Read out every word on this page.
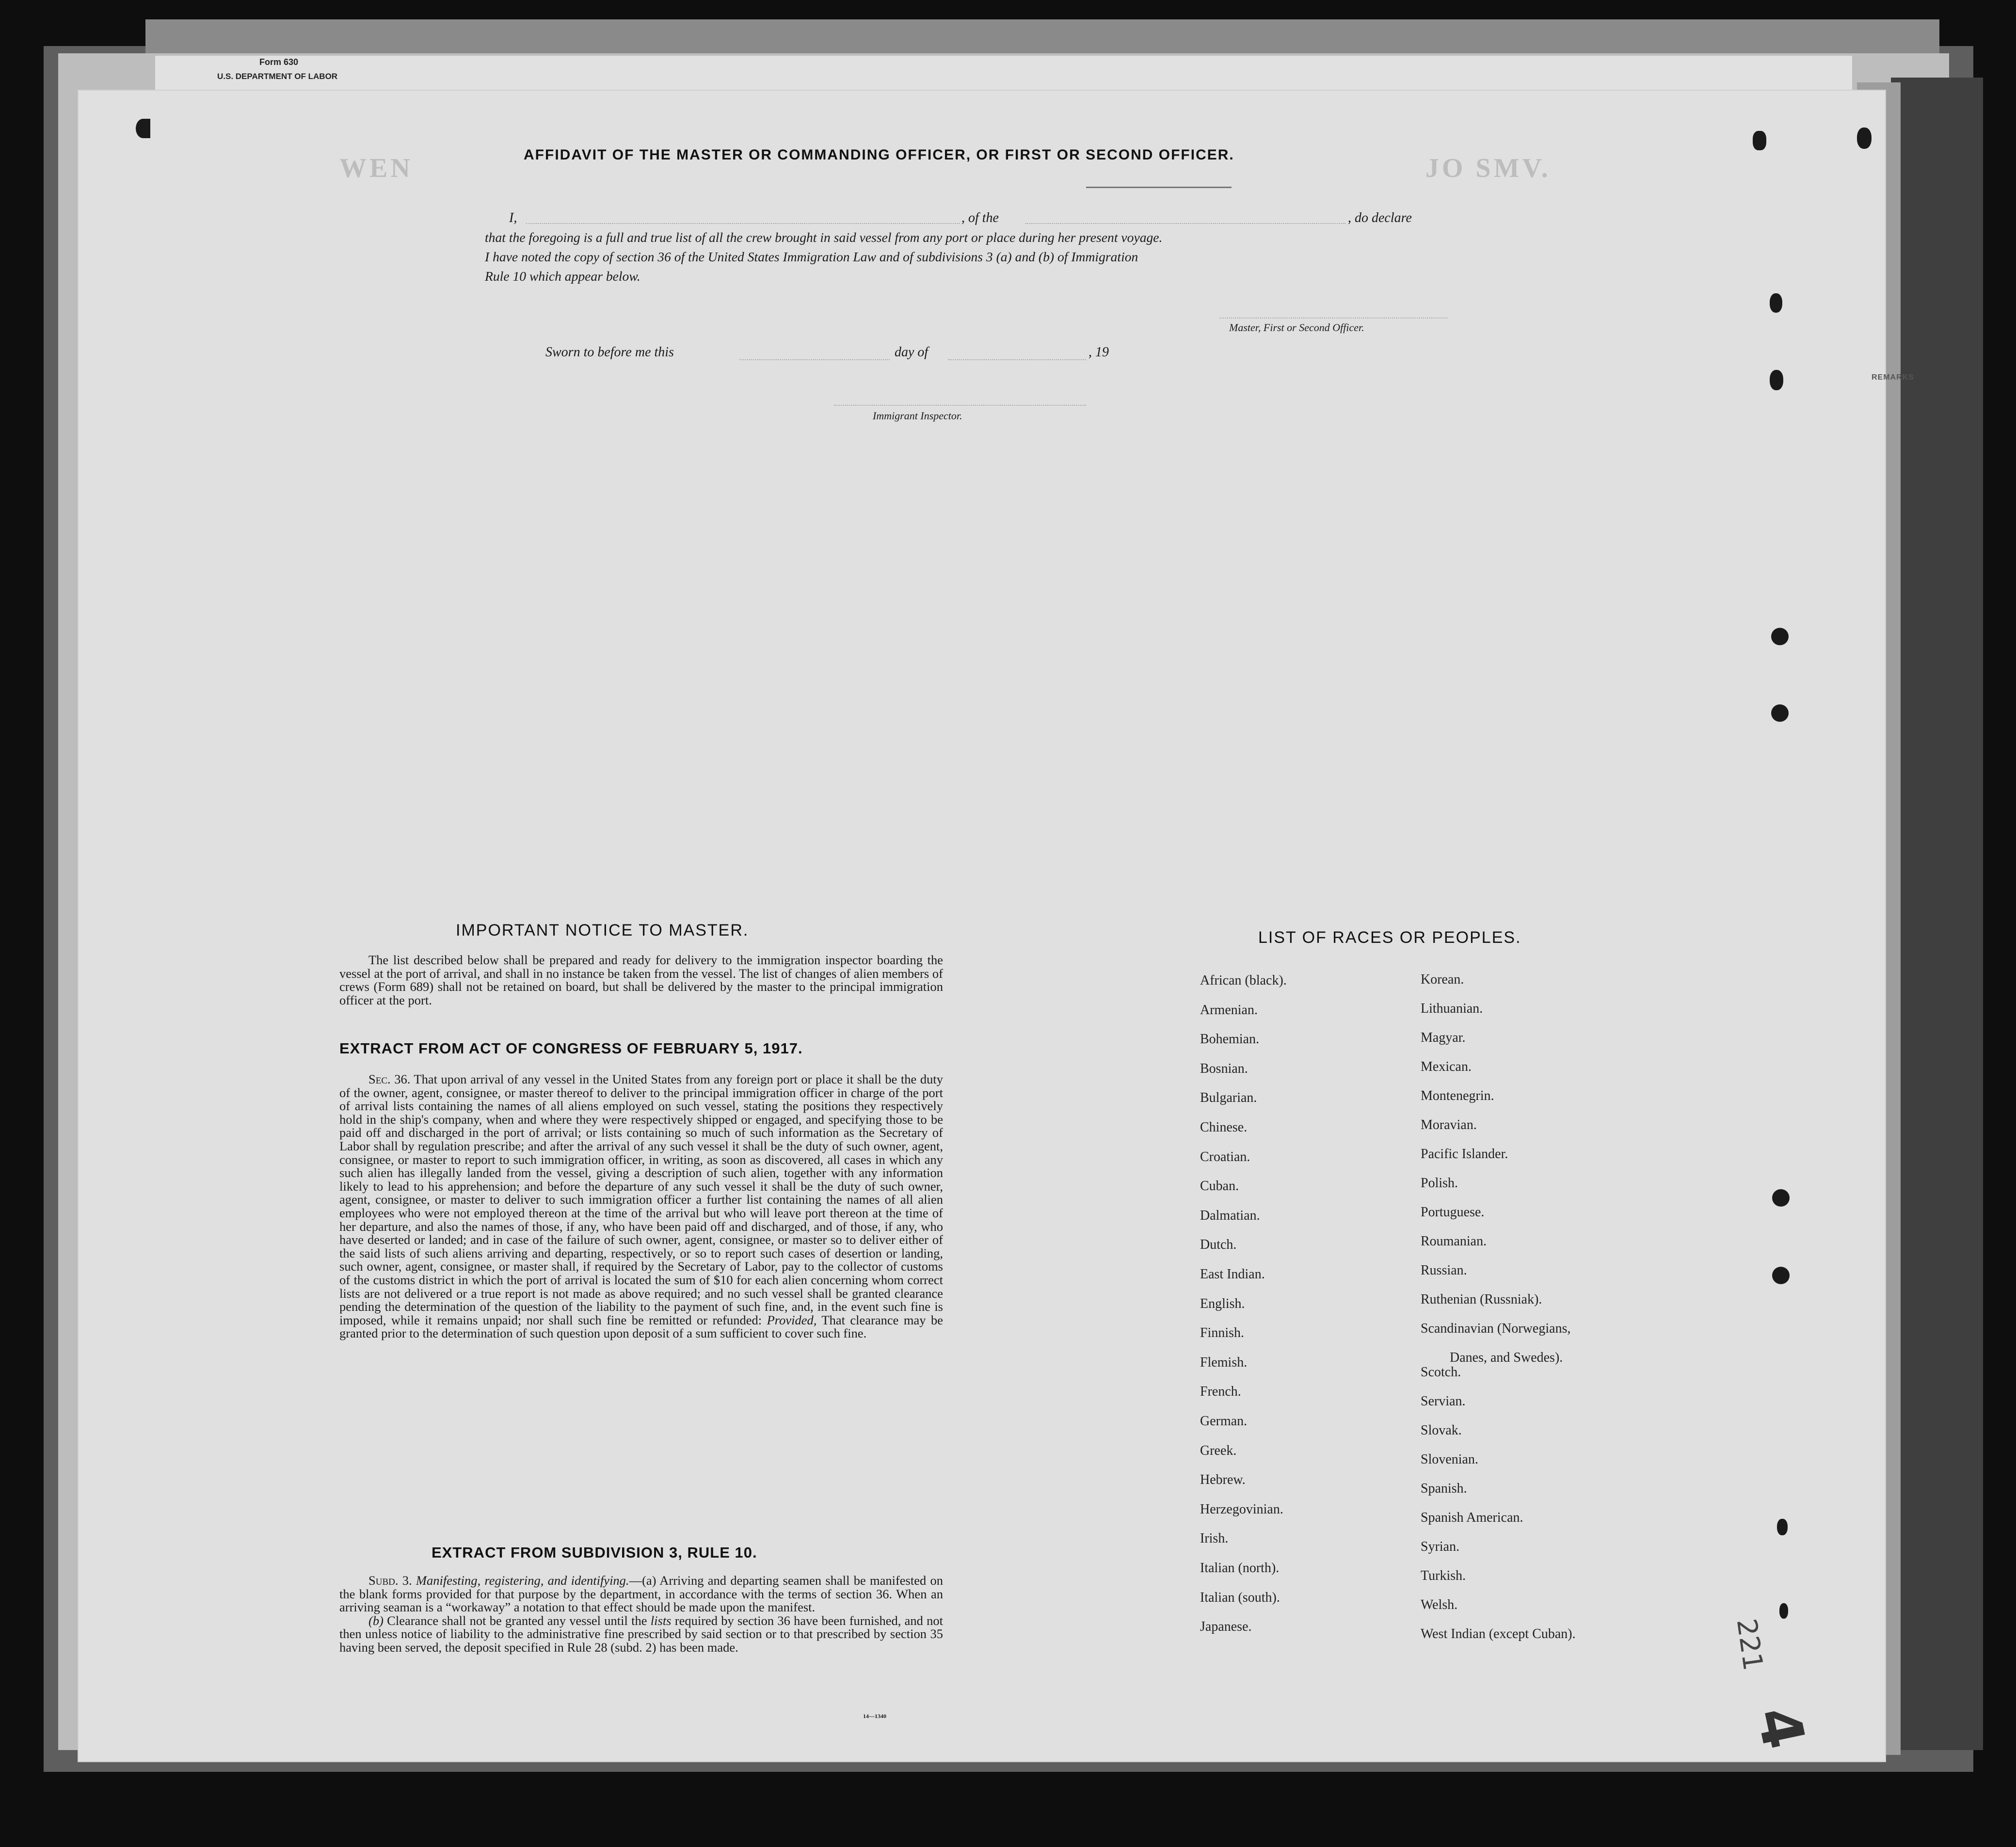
Form 630
U.S. DEPARTMENT OF LABOR
WEN	JO SMV.
REMARKS
AFFIDAVIT OF THE MASTER OR COMMANDING OFFICER, OR FIRST OR SECOND OFFICER.
I,	, of the	, do declare
that the foregoing is a full and true list of all the crew brought in said vessel from any port or place during her present voyage.
I have noted the copy of section 36 of the United States Immigration Law and of subdivisions 3 (a) and (b) of Immigration
Rule 10 which appear below.
Master, First or Second Officer.
Sworn to before me this	day of	, 19
Immigrant Inspector.
IMPORTANT NOTICE TO MASTER.
The list described below shall be prepared and ready for delivery to the immigration inspector boarding the vessel at the port of arrival, and shall in no instance be taken from the vessel. The list of changes of alien members of crews (Form 689) shall not be retained on board, but shall be delivered by the master to the principal immigration officer at the port.
EXTRACT FROM ACT OF CONGRESS OF FEBRUARY 5, 1917.

Sec. 36. That upon arrival of any vessel in the United States from any foreign port or place it shall be the duty of the owner, agent, consignee, or master thereof to deliver to the principal immigration officer in charge of the port of arrival lists containing the names of all aliens employed on such vessel, stating the positions they respectively hold in the ship's company, when and where they were respectively shipped or engaged, and specifying those to be paid off and discharged in the port of arrival; or lists containing so much of such information as the Secretary of Labor shall by regulation prescribe; and after the arrival of any such vessel it shall be the duty of such owner, agent, consignee, or master to report to such immigration officer, in writing, as soon as discovered, all cases in which any such alien has illegally landed from the vessel, giving a description of such alien, together with any information likely to lead to his apprehension; and before the departure of any such vessel it shall be the duty of such owner, agent, consignee, or master to deliver to such immigration officer a further list containing the names of all alien employees who were not employed thereon at the time of the arrival but who will leave port thereon at the time of her departure, and also the names of those, if any, who have been paid off and discharged, and of those, if any, who have deserted or landed; and in case of the failure of such owner, agent, consignee, or master so to deliver either of the said lists of such aliens arriving and departing, respectively, or so to report such cases of desertion or landing, such owner, agent, consignee, or master shall, if required by the Secretary of Labor, pay to the collector of customs of the customs district in which the port of arrival is located the sum of $10 for each alien concerning whom correct lists are not delivered or a true report is not made as above required; and no such vessel shall be granted clearance pending the determination of the question of the liability to the payment of such fine, and, in the event such fine is imposed, while it remains unpaid; nor shall such fine be remitted or refunded: Provided, That clearance may be granted prior to the determination of such question upon deposit of a sum sufficient to cover such fine.

EXTRACT FROM SUBDIVISION 3, RULE 10.

Subd. 3. Manifesting, registering, and identifying.—(a) Arriving and departing seamen shall be manifested on the blank forms provided for that purpose by the department, in accordance with the terms of section 36. When an arriving seaman is a “workaway” a notation to that effect should be made upon the manifest.

(b) Clearance shall not be granted any vessel until the lists required by section 36 have been furnished, and not then unless notice of liability to the administrative fine prescribed by said section or to that prescribed by section 35 having been served, the deposit specified in Rule 28 (subd. 2) has been made.

14—1340
LIST OF RACES OR PEOPLES.
221
4
African (black).
Armenian.
Bohemian.
Bosnian.
Bulgarian.
Chinese.
Croatian.
Cuban.
Dalmatian.
Dutch.
East Indian.
English.
Finnish.
Flemish.
French.
German.
Greek.
Hebrew.
Herzegovinian.
Irish.
Italian (north).
Italian (south).
Japanese.
Korean.
Lithuanian.
Magyar.
Mexican.
Montenegrin.
Moravian.
Pacific Islander.
Polish.
Portuguese.
Roumanian.
Russian.
Ruthenian (Russniak).
Scandinavian (Norwegians,
Danes, and Swedes).
Scotch.
Servian.
Slovak.
Slovenian.
Spanish.
Spanish American.
Syrian.
Turkish.
Welsh.
West Indian (except Cuban).
